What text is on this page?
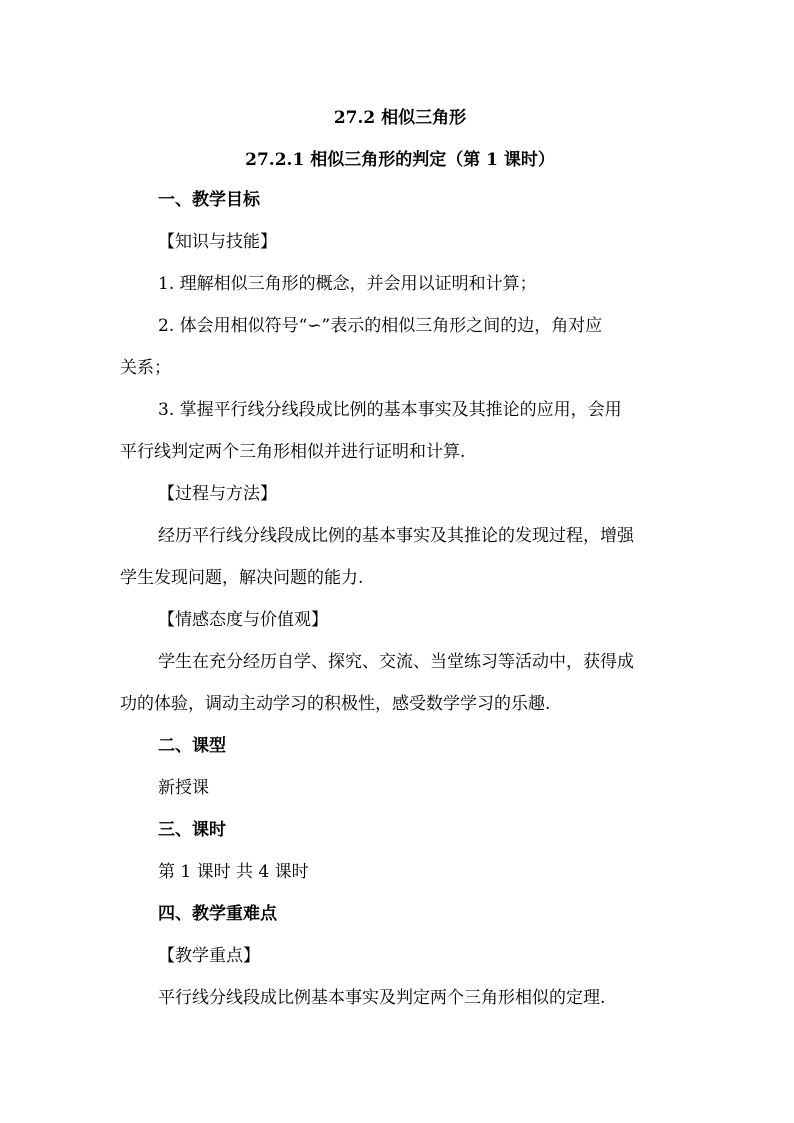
27.2 相似三角形
27.2.1 相似三角形的判定（第 1 课时）
一、教学目标
【知识与技能】
1. 理解相似三角形的概念，并会用以证明和计算；
2. 体会用相似符号“∽”表示的相似三角形之间的边，角对应
关系；
3. 掌握平行线分线段成比例的基本事实及其推论的应用，会用
平行线判定两个三角形相似并进行证明和计算.
【过程与方法】
经历平行线分线段成比例的基本事实及其推论的发现过程，增强
学生发现问题，解决问题的能力.
【情感态度与价值观】
学生在充分经历自学、探究、交流、当堂练习等活动中，获得成
功的体验，调动主动学习的积极性，感受数学学习的乐趣.
二、课型
新授课
三、课时
第 1 课时 共 4 课时
四、教学重难点
【教学重点】
平行线分线段成比例基本事实及判定两个三角形相似的定理.
